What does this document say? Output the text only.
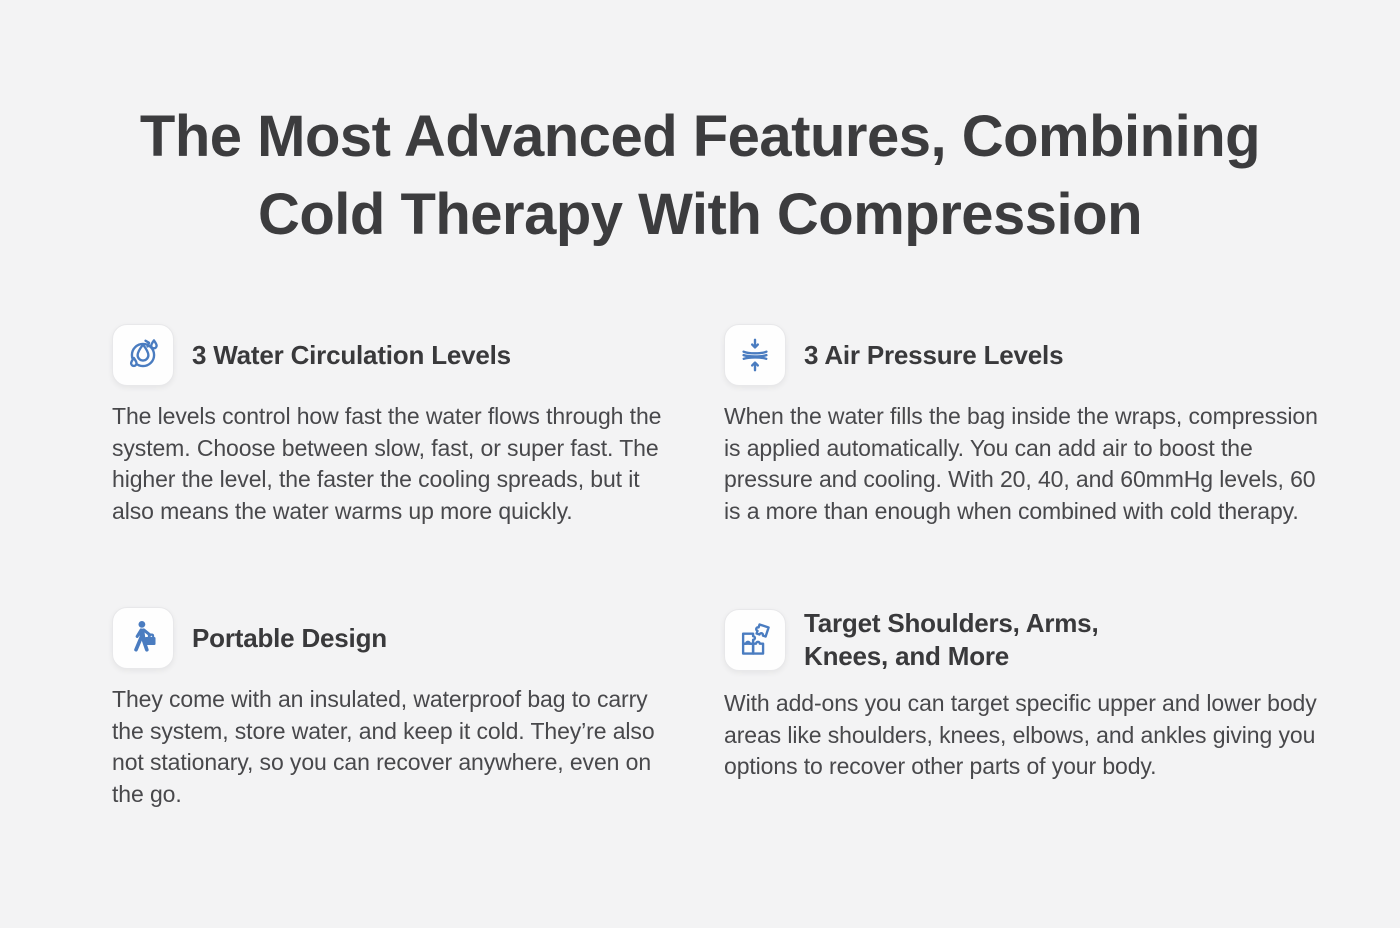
The Most Advanced Features, Combining
Cold Therapy With Compression
3 Water Circulation Levels

The levels control how fast the water flows through the system. Choose between slow, fast, or super fast. The higher the level, the faster the cooling spreads, but it also means the water warms up more quickly.

3 Air Pressure Levels

When the water fills the bag inside the wraps, compression is applied automatically. You can add air to boost the pressure and cooling. With 20, 40, and 60mmHg levels, 60 is a more than enough when combined with cold therapy.

Portable Design

They come with an insulated, waterproof bag to carry the system, store water, and keep it cold. They’re also not stationary, so you can recover anywhere, even on the go.

Target Shoulders, Arms,
Knees, and More

With add-ons you can target specific upper and lower body areas like shoulders, knees, elbows, and ankles giving you options to recover other parts of your body.
